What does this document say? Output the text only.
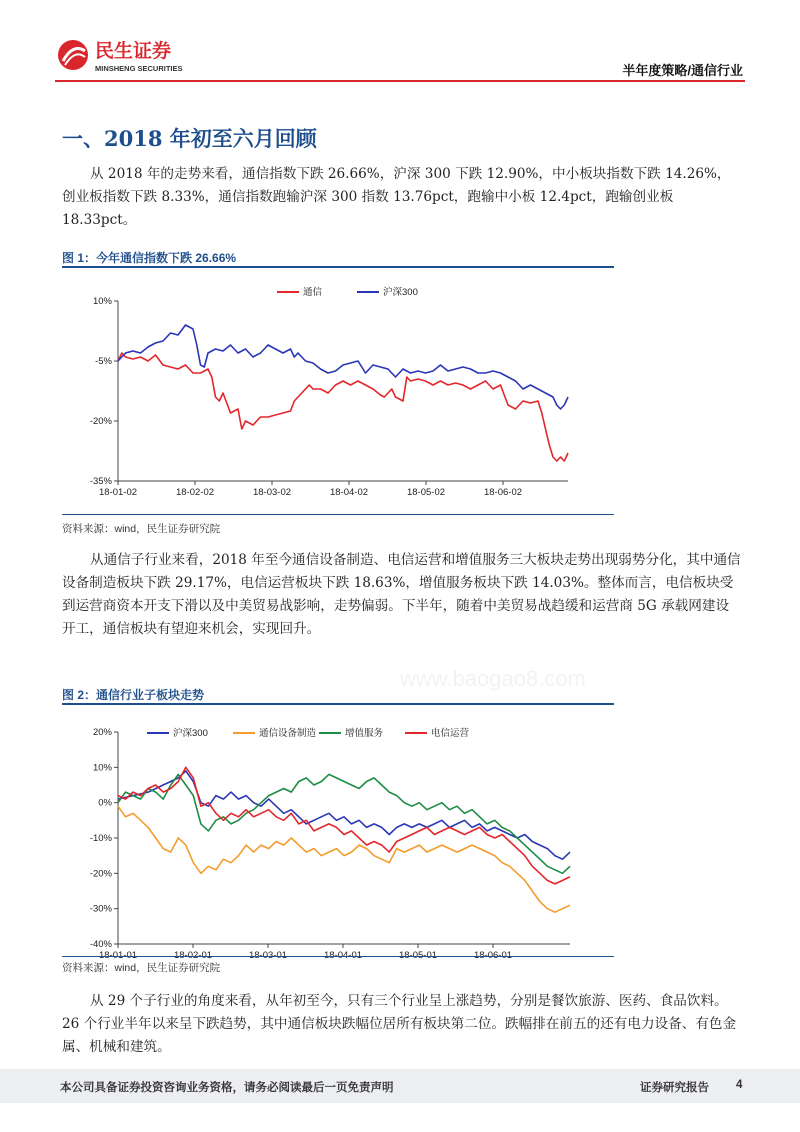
民生证券
MINSHENG SECURITIES	半年度策略/通信行业
一、2018 年初至六月回顾
从 2018 年的走势来看，通信指数下跌 26.66%，沪深 300 下跌 12.90%，中小板块指数下跌 14.26%，创业板指数下跌 8.33%，通信指数跑输沪深 300 指数 13.76pct，跑输中小板 12.4pct，跑输创业板 18.33pct。
图 1：今年通信指数下跌 26.66%
10%
-5%
-20%
-35%
18-01-02	18-02-02	18-03-02	18-04-02	18-05-02	18-06-02
通信	沪深300
资料来源：wind，民生证券研究院
从通信子行业来看，2018 年至今通信设备制造、电信运营和增值服务三大板块走势出现弱势分化，其中通信设备制造板块下跌 29.17%，电信运营板块下跌 18.63%，增值服务板块下跌 14.03%。整体而言，电信板块受到运营商资本开支下滑以及中美贸易战影响，走势偏弱。下半年，随着中美贸易战趋缓和运营商 5G 承载网建设开工，通信板块有望迎来机会，实现回升。
图 2：通信行业子板块走势
20%
10%
0%
-10%
-20%
-30%
-40%
沪深300	通信设备制造	增值服务	电信运营
资料来源：wind，民生证券研究院
www.baogao8.com
从 29 个子行业的角度来看，从年初至今，只有三个行业呈上涨趋势，分别是餐饮旅游、医药、食品饮料。26 个行业半年以来呈下跌趋势，其中通信板块跌幅位居所有板块第二位。跌幅排在前五的还有电力设备、有色金属、机械和建筑。
本公司具备证券投资咨询业务资格，请务必阅读最后一页免责声明	证券研究报告 4
